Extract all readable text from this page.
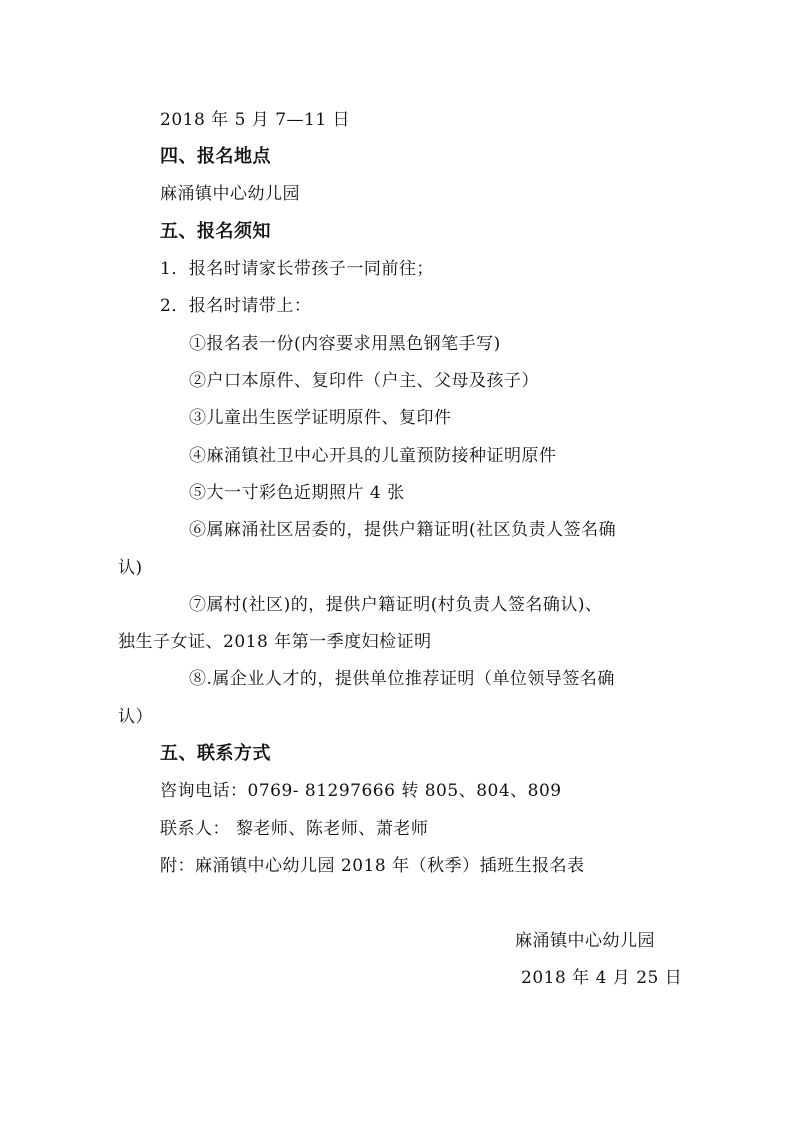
2018 年 5 月 7—11 日
四、报名地点
麻涌镇中心幼儿园
五、报名须知
1．报名时请家长带孩子一同前往；
2．报名时请带上：
①报名表一份(内容要求用黑色钢笔手写)
②户口本原件、复印件（户主、父母及孩子）
③儿童出生医学证明原件、复印件
④麻涌镇社卫中心开具的儿童预防接种证明原件
⑤大一寸彩色近期照片 4 张
⑥属麻涌社区居委的，提供户籍证明(社区负责人签名确
认)
⑦属村(社区)的，提供户籍证明(村负责人签名确认)、
独生子女证、2018 年第一季度妇检证明
⑧.属企业人才的，提供单位推荐证明（单位领导签名确
认）
五、联系方式
咨询电话：0769- 81297666 转 805、804、809
联系人： 黎老师、陈老师、萧老师
附：麻涌镇中心幼儿园 2018 年（秋季）插班生报名表
麻涌镇中心幼儿园
2018 年 4 月 25 日
